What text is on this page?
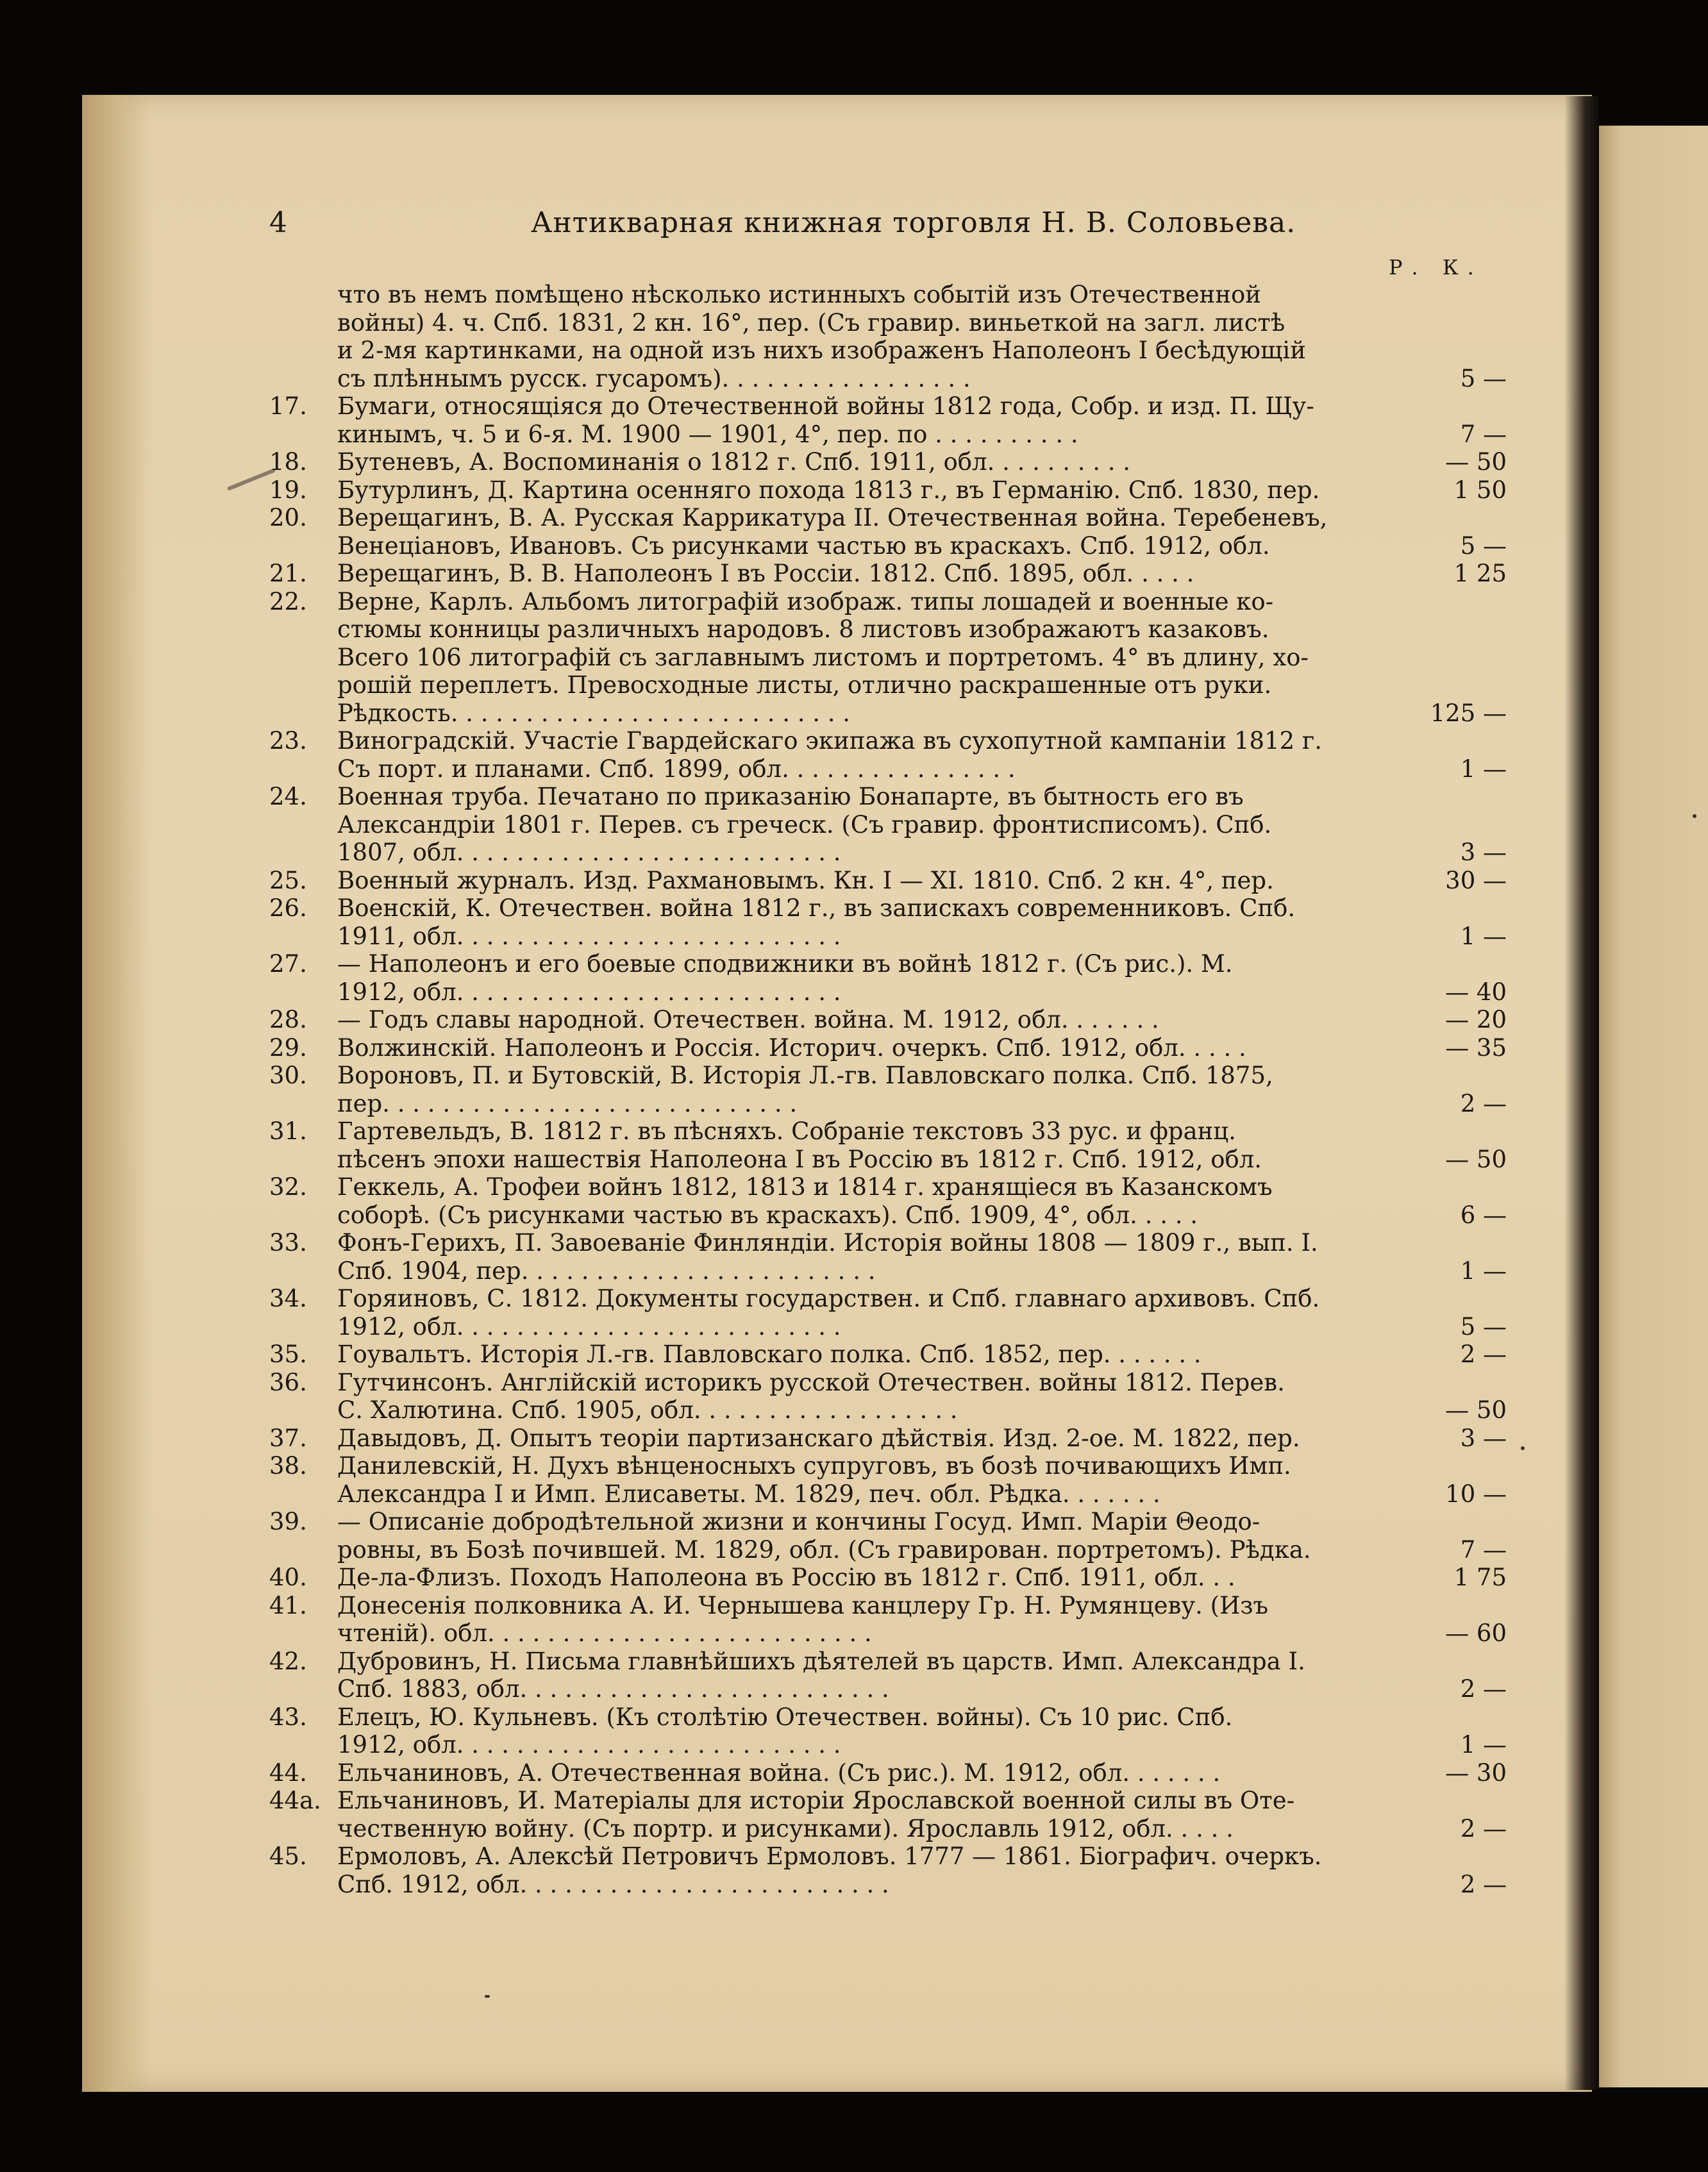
4	Антикварная книжная торговля Н. В. Соловьева.
Р. К.
что въ немъ помѣщено нѣсколько истинныхъ событій изъ Отечественной
войны) 4. ч. Спб. 1831, 2 кн. 16°, пер. (Съ гравир. виньеткой на загл. листѣ
и 2-мя картинками, на одной изъ нихъ изображенъ Наполеонъ I бесѣдующій
съ плѣннымъ русск. гусаромъ). . . . . . . . . . . . . . . . .	5 —
17.	Бумаги, относящіяся до Отечественной войны 1812 года, Собр. и изд. П. Щу-
кинымъ, ч. 5 и 6-я. М. 1900 — 1901, 4°, пер. по . . . . . . . . . .	7 —
18.	Бутеневъ, А. Воспоминанія о 1812 г. Спб. 1911, обл. . . . . . . . . .	— 50
19.	Бутурлинъ, Д. Картина осенняго похода 1813 г., въ Германію. Спб. 1830, пер.	1 50
20.	Верещагинъ, В. А. Русская Каррикатура II. Отечественная война. Теребеневъ,
Венеціановъ, Ивановъ. Съ рисунками частью въ краскахъ. Спб. 1912, обл.	5 —
21.	Верещагинъ, В. В. Наполеонъ I въ Россіи. 1812. Спб. 1895, обл. . . . .	1 25
22.	Верне, Карлъ. Альбомъ литографій изображ. типы лошадей и военные ко-
стюмы конницы различныхъ народовъ. 8 листовъ изображаютъ казаковъ.
Всего 106 литографій съ заглавнымъ листомъ и портретомъ. 4° въ длину, хо-
рошій переплетъ. Превосходные листы, отлично раскрашенные отъ руки.
Рѣдкость. . . . . . . . . . . . . . . . . . . . . . . . . . .	125 —
23.	Виноградскій. Участіе Гвардейскаго экипажа въ сухопутной кампаніи 1812 г.
Съ порт. и планами. Спб. 1899, обл. . . . . . . . . . . . . . . .	1 —
24.	Военная труба. Печатано по приказанію Бонапарте, въ бытность его въ
Александріи 1801 г. Перев. съ греческ. (Съ гравир. фронтисписомъ). Спб.
1807, обл. . . . . . . . . . . . . . . . . . . . . . . . . .	3 —
25.	Военный журналъ. Изд. Рахмановымъ. Кн. I — XI. 1810. Спб. 2 кн. 4°, пер.	30 —
26.	Военскій, К. Отечествен. война 1812 г., въ запискахъ современниковъ. Спб.
1911, обл. . . . . . . . . . . . . . . . . . . . . . . . . .	1 —
27.	— Наполеонъ и его боевые сподвижники въ войнѣ 1812 г. (Съ рис.). М.
1912, обл. . . . . . . . . . . . . . . . . . . . . . . . . .	— 40
28.	— Годъ славы народной. Отечествен. война. М. 1912, обл. . . . . . .	— 20
29.	Волжинскій. Наполеонъ и Россія. Историч. очеркъ. Спб. 1912, обл. . . . .	— 35
30.	Вороновъ, П. и Бутовскій, В. Исторія Л.-гв. Павловскаго полка. Спб. 1875,
пер. . . . . . . . . . . . . . . . . . . . . . . . . . . .	2 —
31.	Гартевельдъ, В. 1812 г. въ пѣсняхъ. Собраніе текстовъ 33 рус. и франц.
пѣсенъ эпохи нашествія Наполеона I въ Россію въ 1812 г. Спб. 1912, обл.	— 50
32.	Геккель, А. Трофеи войнъ 1812, 1813 и 1814 г. хранящіеся въ Казанскомъ
соборѣ. (Съ рисунками частью въ краскахъ). Спб. 1909, 4°, обл. . . . .	6 —
33.	Фонъ-Герихъ, П. Завоеваніе Финляндіи. Исторія войны 1808 — 1809 г., вып. I.
Спб. 1904, пер. . . . . . . . . . . . . . . . . . . . . . . .	1 —
34.	Горяиновъ, С. 1812. Документы государствен. и Спб. главнаго архивовъ. Спб.
1912, обл. . . . . . . . . . . . . . . . . . . . . . . . . .	5 —
35.	Гоувальтъ. Исторія Л.-гв. Павловскаго полка. Спб. 1852, пер. . . . . . .	2 —
36.	Гутчинсонъ. Англійскій историкъ русской Отечествен. войны 1812. Перев.
С. Халютина. Спб. 1905, обл. . . . . . . . . . . . . . . . . .	— 50
37.	Давыдовъ, Д. Опытъ теоріи партизанскаго дѣйствія. Изд. 2-ое. М. 1822, пер.	3 —
38.	Данилевскій, Н. Духъ вѣнценосныхъ супруговъ, въ бозѣ почивающихъ Имп.
Александра I и Имп. Елисаветы. М. 1829, печ. обл. Рѣдка. . . . . . .	10 —
39.	— Описаніе добродѣтельной жизни и кончины Госуд. Имп. Маріи Θеодо-
ровны, въ Бозѣ почившей. М. 1829, обл. (Съ гравирован. портретомъ). Рѣдка.	7 —
40.	Де-ла-Флизъ. Походъ Наполеона въ Россію въ 1812 г. Спб. 1911, обл. . .	1 75
41.	Донесенія полковника А. И. Чернышева канцлеру Гр. Н. Румянцеву. (Изъ
чтеній). обл. . . . . . . . . . . . . . . . . . . . . . . . . .	— 60
42.	Дубровинъ, Н. Письма главнѣйшихъ дѣятелей въ царств. Имп. Александра I.
Спб. 1883, обл. . . . . . . . . . . . . . . . . . . . . . . . .	2 —
43.	Елецъ, Ю. Кульневъ. (Къ столѣтію Отечествен. войны). Съ 10 рис. Спб.
1912, обл. . . . . . . . . . . . . . . . . . . . . . . . . .	1 —
44.	Ельчаниновъ, А. Отечественная война. (Съ рис.). М. 1912, обл. . . . . . .	— 30
44a. Ельчаниновъ, И. Матеріалы для исторіи Ярославской военной силы въ Оте-
чественную войну. (Съ портр. и рисунками). Ярославль 1912, обл. . . . .	2 —
45.	Ермоловъ, А. Алексѣй Петровичъ Ермоловъ. 1777 — 1861. Біографич. очеркъ.
Спб. 1912, обл. . . . . . . . . . . . . . . . . . . . . . . . .	2 —
